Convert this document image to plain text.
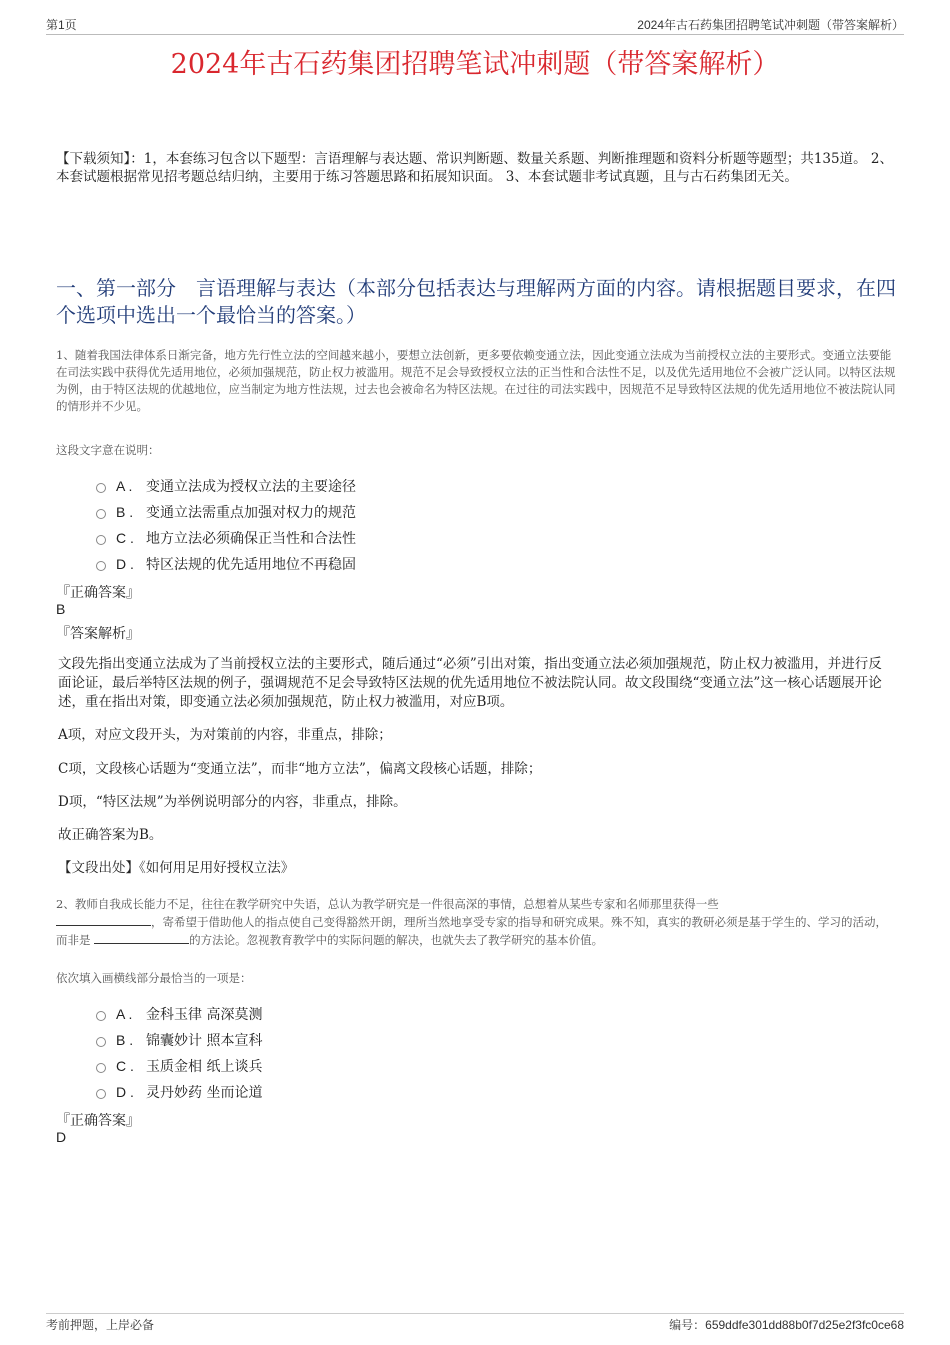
第1页	2024年古石药集团招聘笔试冲刺题（带答案解析）
2024年古石药集团招聘笔试冲刺题（带答案解析）
【下载须知】：1，本套练习包含以下题型：言语理解与表达题、常识判断题、数量关系题、判断推理题和资料分析题等题型；共135道。 2、本套试题根据常见招考题总结归纳，主要用于练习答题思路和拓展知识面。 3、本套试题非考试真题，且与古石药集团无关。
一、第一部分　言语理解与表达（本部分包括表达与理解两方面的内容。请根据题目要求，在四个选项中选出一个最恰当的答案。）
1、随着我国法律体系日渐完备，地方先行性立法的空间越来越小，要想立法创新，更多要依赖变通立法，因此变通立法成为当前授权立法的主要形式。变通立法要能在司法实践中获得优先适用地位，必须加强规范，防止权力被滥用。规范不足会导致授权立法的正当性和合法性不足，以及优先适用地位不会被广泛认同。以特区法规为例，由于特区法规的优越地位，应当制定为地方性法规，过去也会被命名为特区法规。在过往的司法实践中，因规范不足导致特区法规的优先适用地位不被法院认同的情形并不少见。
这段文字意在说明：
A . 变通立法成为授权立法的主要途径
B . 变通立法需重点加强对权力的规范
C . 地方立法必须确保正当性和合法性
D . 特区法规的优先适用地位不再稳固
『正确答案』
B
『答案解析』
文段先指出变通立法成为了当前授权立法的主要形式，随后通过“必须”引出对策，指出变通立法必须加强规范，防止权力被滥用，并进行反面论证，最后举特区法规的例子，强调规范不足会导致特区法规的优先适用地位不被法院认同。故文段围绕“变通立法”这一核心话题展开论述，重在指出对策，即变通立法必须加强规范，防止权力被滥用，对应B项。
A项，对应文段开头，为对策前的内容，非重点，排除；
C项，文段核心话题为“变通立法”，而非“地方立法”，偏离文段核心话题，排除；
D项，“特区法规”为举例说明部分的内容，非重点，排除。
故正确答案为B。
【文段出处】《如何用足用好授权立法》
2、教师自我成长能力不足，往往在教学研究中失语，总认为教学研究是一件很高深的事情，总想着从某些专家和名师那里获得一些
，寄希望于借助他人的指点使自己变得豁然开朗，理所当然地享受专家的指导和研究成果。殊不知，真实的教研必须是基于学生的、学习的活动，而非是	的方法论。忽视教育教学中的实际问题的解决，也就失去了教学研究的基本价值。
依次填入画横线部分最恰当的一项是：
A . 金科玉律 高深莫测
B . 锦囊妙计 照本宣科
C . 玉质金相 纸上谈兵
D . 灵丹妙药 坐而论道
『正确答案』
D
考前押题，上岸必备	编号：659ddfe301dd88b0f7d25e2f3fc0ce68
